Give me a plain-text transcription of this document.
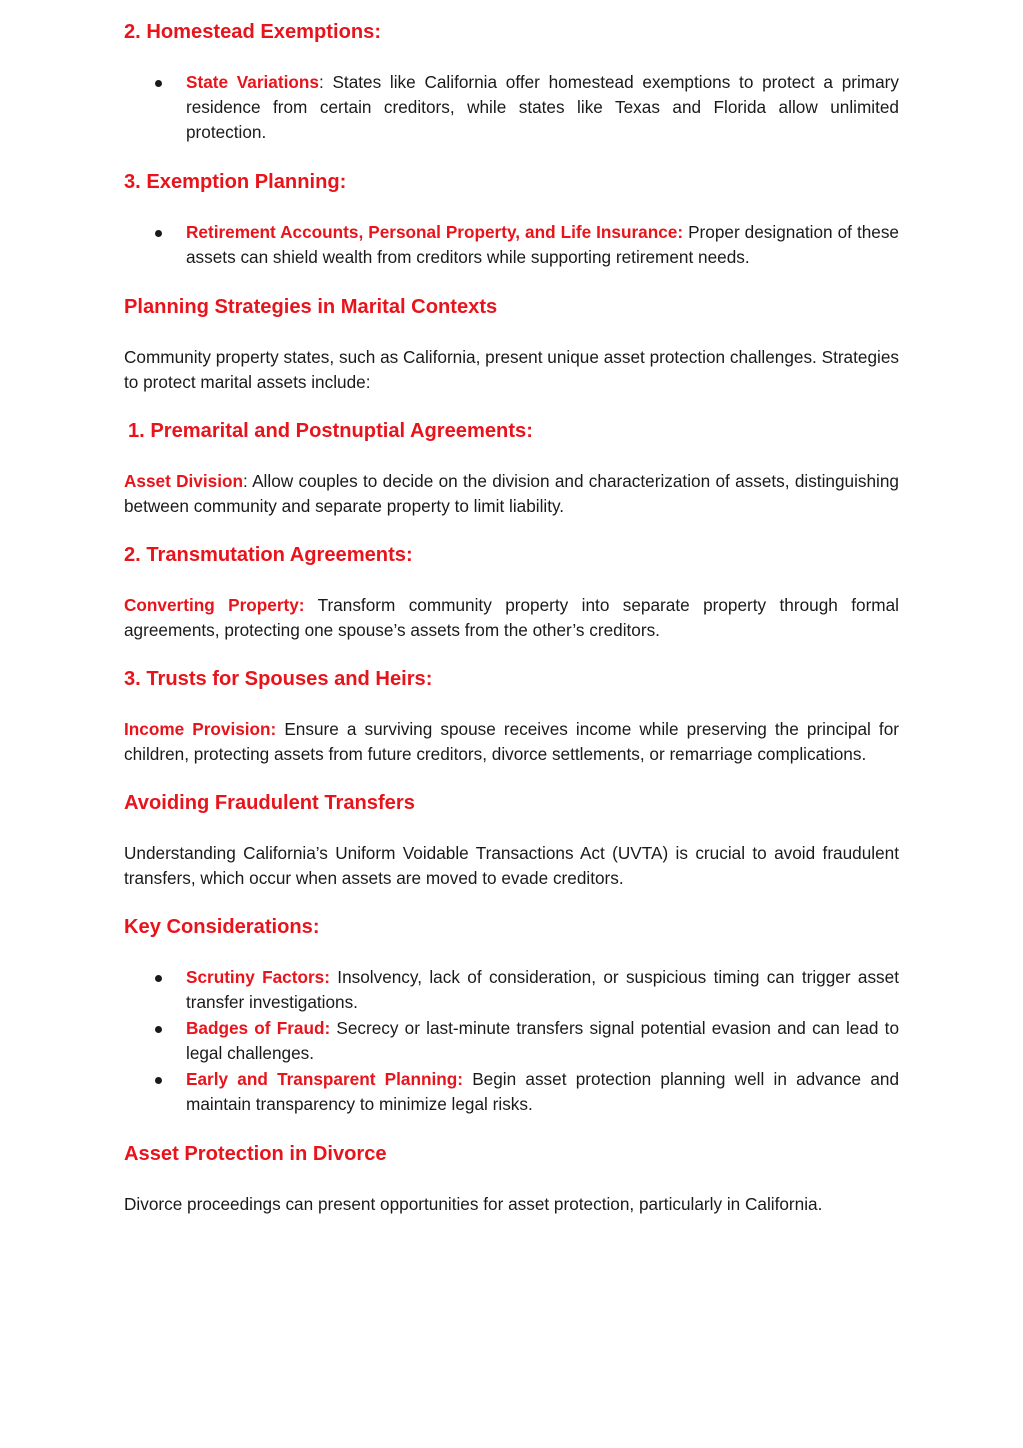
2. Homestead Exemptions:
State Variations: States like California offer homestead exemptions to protect a primary residence from certain creditors, while states like Texas and Florida allow unlimited protection.
3. Exemption Planning:
Retirement Accounts, Personal Property, and Life Insurance: Proper designation of these assets can shield wealth from creditors while supporting retirement needs.
Planning Strategies in Marital Contexts

Community property states, such as California, present unique asset protection challenges. Strategies to protect marital assets include:

1. Premarital and Postnuptial Agreements:

Asset Division: Allow couples to decide on the division and characterization of assets, distinguishing between community and separate property to limit liability.

2. Transmutation Agreements:

Converting Property: Transform community property into separate property through formal agreements, protecting one spouse’s assets from the other’s creditors.

3. Trusts for Spouses and Heirs:

Income Provision: Ensure a surviving spouse receives income while preserving the principal for children, protecting assets from future creditors, divorce settlements, or remarriage complications.

Avoiding Fraudulent Transfers

Understanding California’s Uniform Voidable Transactions Act (UVTA) is crucial to avoid fraudulent transfers, which occur when assets are moved to evade creditors.

Key Considerations:
Scrutiny Factors: Insolvency, lack of consideration, or suspicious timing can trigger asset transfer investigations.
Badges of Fraud: Secrecy or last-minute transfers signal potential evasion and can lead to legal challenges.
Early and Transparent Planning: Begin asset protection planning well in advance and maintain transparency to minimize legal risks.
Asset Protection in Divorce

Divorce proceedings can present opportunities for asset protection, particularly in California.
